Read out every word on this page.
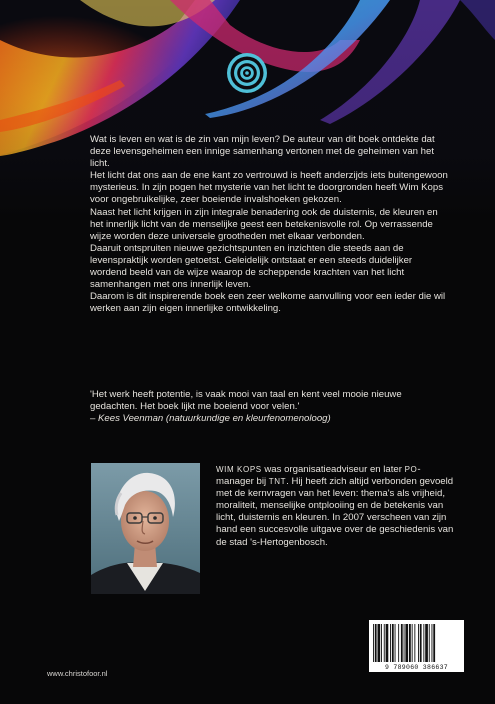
Wat is leven en wat is de zin van mijn leven? De auteur van dit boek ontdekte dat deze levensgeheimen een innige samenhang vertonen met de geheimen van het licht.

Het licht dat ons aan de ene kant zo vertrouwd is heeft anderzijds iets buitengewoon mysterieus. In zijn pogen het mysterie van het licht te doorgronden heeft Wim Kops voor ongebruikelijke, zeer boeiende invalshoeken gekozen.

Naast het licht krijgen in zijn integrale benadering ook de duisternis, de kleuren en het innerlijk licht van de menselijke geest een betekenisvolle rol. Op verrassende wijze worden deze universele grootheden met elkaar verbonden.

Daaruit ontspruiten nieuwe gezichtspunten en inzichten die steeds aan de levenspraktijk worden getoetst. Geleidelijk ontstaat er een steeds duidelijker wordend beeld van de wijze waarop de scheppende krachten van het licht samenhangen met ons innerlijk leven.

Daarom is dit inspirerende boek een zeer welkome aanvulling voor een ieder die wil werken aan zijn eigen innerlijke ontwikkeling.

'Het werk heeft potentie, is vaak mooi van taal en kent veel mooie nieuwe gedachten. Het boek lijkt me boeiend voor velen.'

– Kees Veenman (natuurkundige en kleurfenomenoloog)

WIM KOPS was organisatieadviseur en later PO-manager bij TNT. Hij heeft zich altijd verbonden gevoeld met de kernvragen van het leven: thema's als vrijheid, moraliteit, menselijke ontplooiing en de betekenis van licht, duisternis en kleuren. In 2007 verscheen van zijn hand een succesvolle uitgave over de geschiedenis van de stad 's-Hertogenbosch.

9 789060 386637
www.christofoor.nl
